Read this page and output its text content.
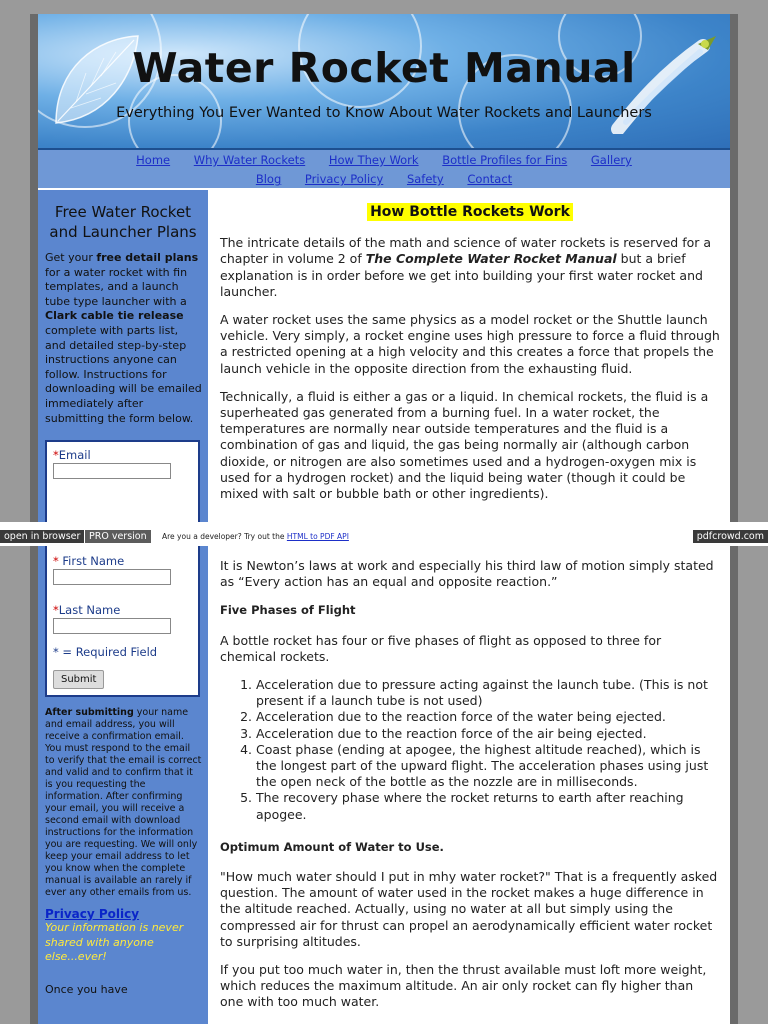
Water Rocket Manual
Everything You Ever Wanted to Know About Water Rockets and Launchers
Home Why Water Rockets How They Work Bottle Profiles for Fins Gallery
Blog Privacy Policy Safety Contact
Free Water Rocket and Launcher Plans
Get your free detail plans for a water rocket with fin templates, and a launch tube type launcher with a Clark cable tie release complete with parts list, and detailed step-by-step instructions anyone can follow. Instructions for downloading will be emailed immediately after submitting the form below.
*Email
How Bottle Rockets Work

The intricate details of the math and science of water rockets is reserved for a chapter in volume 2 of The Complete Water Rocket Manual but a brief explanation is in order before we get into building your first water rocket and launcher.

A water rocket uses the same physics as a model rocket or the Shuttle launch vehicle. Very simply, a rocket engine uses high pressure to force a fluid through a restricted opening at a high velocity and this creates a force that propels the launch vehicle in the opposite direction from the exhausting fluid.

Technically, a fluid is either a gas or a liquid. In chemical rockets, the fluid is a superheated gas generated from a burning fuel. In a water rocket, the temperatures are normally near outside temperatures and the fluid is a combination of gas and liquid, the gas being normally air (although carbon dioxide, or nitrogen are also sometimes used and a hydrogen-oxygen mix is used for a hydrogen rocket) and the liquid being water (though it could be mixed with salt or bubble bath or other ingredients).

open in browser PRO version	Are you a developer? Try out the HTML to PDF API	pdfcrowd.com
* First Name
*Last Name
* = Required Field
Submit
After submitting your name and email address, you will receive a confirmation email. You must respond to the email to verify that the email is correct and valid and to confirm that it is you requesting the information. After confirming your email, you will receive a second email with download instructions for the information you are requesting. We will only keep your email address to let you know when the complete manual is available an rarely if ever any other emails from us.
Privacy Policy
Your information is never shared with anyone else...ever!
Once you have

It is Newton’s laws at work and especially his third law of motion simply stated as “Every action has an equal and opposite reaction.”

Five Phases of Flight

A bottle rocket has four or five phases of flight as opposed to three for chemical rockets.

1. Acceleration due to pressure acting against the launch tube. (This is not present if a launch tube is not used)
2. Acceleration due to the reaction force of the water being ejected.
3. Acceleration due to the reaction force of the air being ejected.
4. Coast phase (ending at apogee, the highest altitude reached), which is the longest part of the upward flight. The acceleration phases using just the open neck of the bottle as the nozzle are in milliseconds.
5. The recovery phase where the rocket returns to earth after reaching apogee.
Optimum Amount of Water to Use.

"How much water should I put in mhy water rocket?" That is a frequently asked question. The amount of water used in the rocket makes a huge difference in the altitude reached. Actually, using no water at all but simply using the compressed air for thrust can propel an aerodynamically efficient water rocket to surprising altitudes.

If you put too much water in, then the thrust available must loft more weight, which reduces the maximum altitude. An air only rocket can fly higher than one with too much water.
